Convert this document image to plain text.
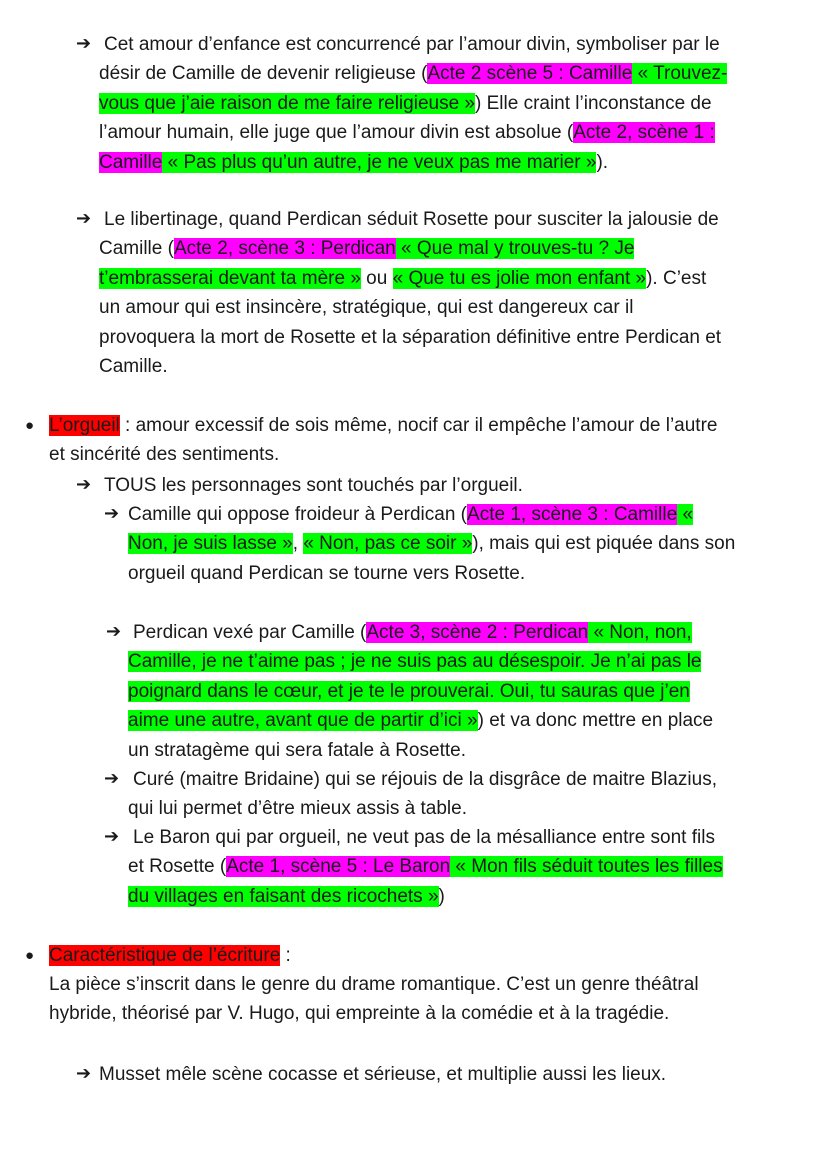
➔ Cet amour d’enfance est concurrencé par l’amour divin, symboliser par le désir de Camille de devenir religieuse (Acte 2 scène 5 : Camille « Trouvez-vous que j’aie raison de me faire religieuse ») Elle craint l’inconstance de l’amour humain, elle juge que l’amour divin est absolue (Acte 2, scène 1 : Camille « Pas plus qu’un autre, je ne veux pas me marier »).

➔ Le libertinage, quand Perdican séduit Rosette pour susciter la jalousie de Camille (Acte 2, scène 3 : Perdican « Que mal y trouves-tu ? Je t’embrasserai devant ta mère » ou « Que tu es jolie mon enfant »). C’est un amour qui est insincère, stratégique, qui est dangereux car il provoquera la mort de Rosette et la séparation définitive entre Perdican et Camille.

● L’orgueil : amour excessif de sois même, nocif car il empêche l’amour de l’autre et sincérité des sentiments.

➔ TOUS les personnages sont touchés par l’orgueil.

➔ Camille qui oppose froideur à Perdican (Acte 1, scène 3 : Camille « Non, je suis lasse », « Non, pas ce soir »), mais qui est piquée dans son orgueil quand Perdican se tourne vers Rosette.

➔ Perdican vexé par Camille (Acte 3, scène 2 : Perdican « Non, non, Camille, je ne t’aime pas ; je ne suis pas au désespoir. Je n’ai pas le poignard dans le cœur, et je te le prouverai. Oui, tu sauras que j’en aime une autre, avant que de partir d’ici ») et va donc mettre en place un stratagème qui sera fatale à Rosette.

➔ Curé (maitre Bridaine) qui se réjouis de la disgrâce de maitre Blazius, qui lui permet d’être mieux assis à table.

➔ Le Baron qui par orgueil, ne veut pas de la mésalliance entre sont fils et Rosette (Acte 1, scène 5 : Le Baron « Mon fils séduit toutes les filles du villages en faisant des ricochets »)

● Caractéristique de l’écriture :

La pièce s’inscrit dans le genre du drame romantique. C’est un genre théâtral hybride, théorisé par V. Hugo, qui empreinte à la comédie et à la tragédie.

➔ Musset mêle scène cocasse et sérieuse, et multiplie aussi les lieux.
